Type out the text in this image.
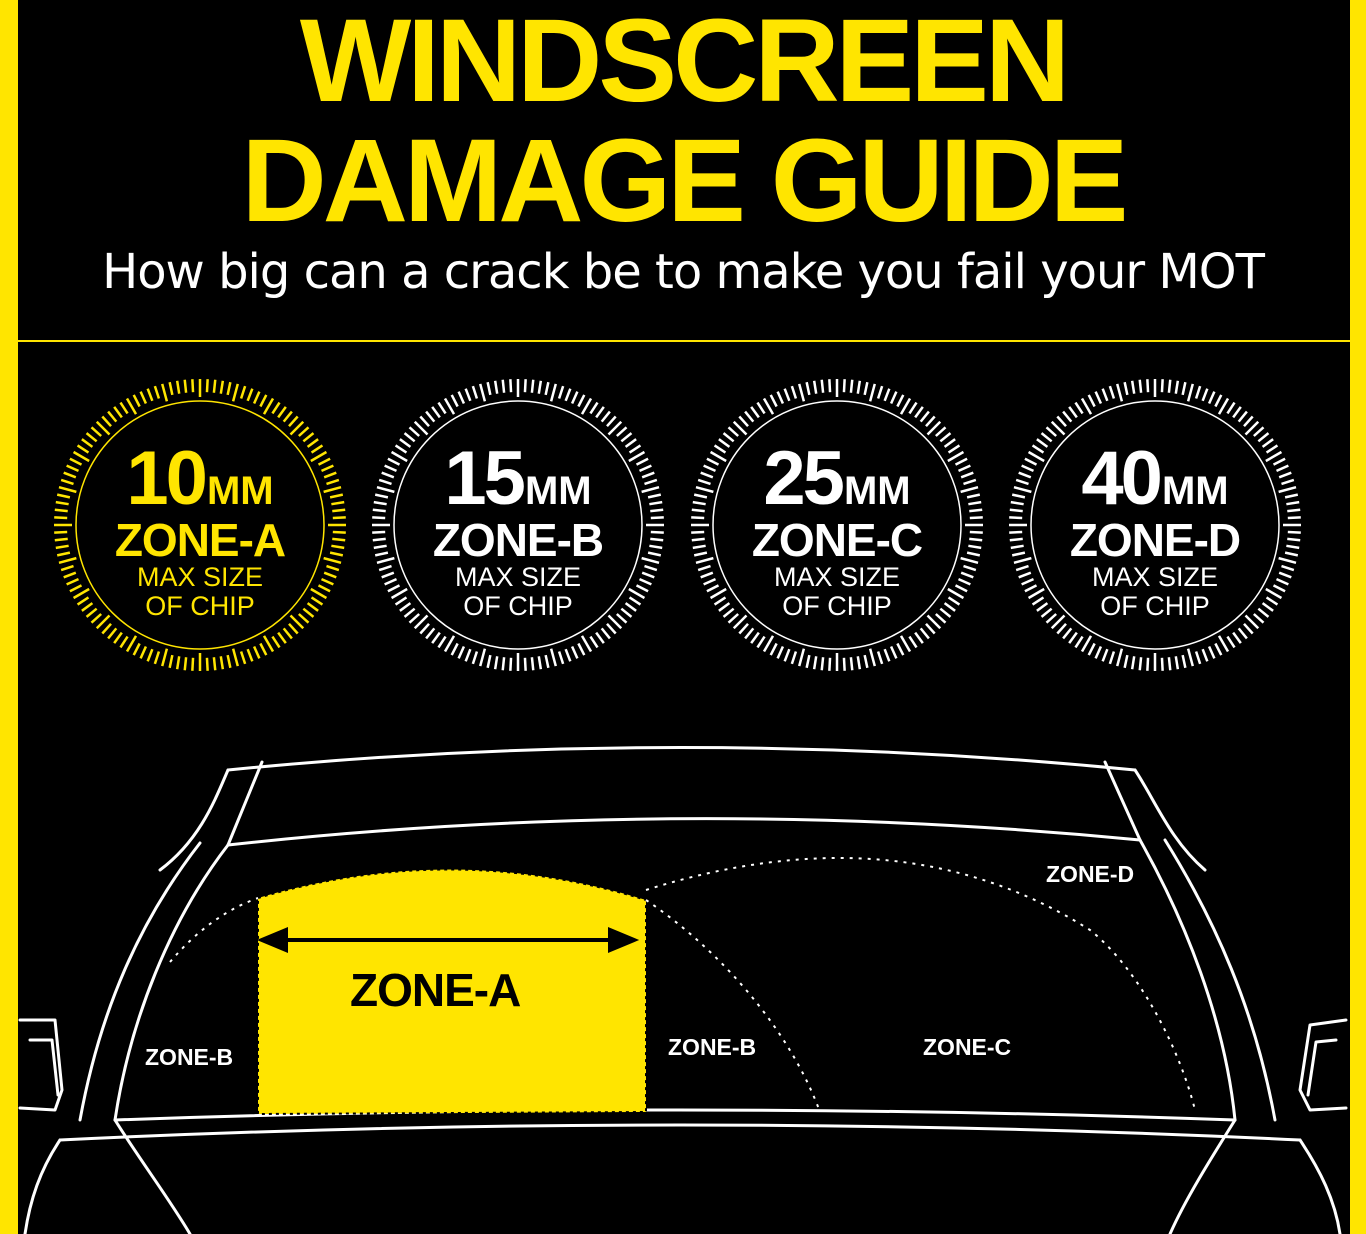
WINDSCREEN
DAMAGE GUIDE

How big can a crack be to make you fail your MOT

10MM

ZONE-A

MAX SIZE

OF CHIP

15MM

ZONE-B

MAX SIZE

OF CHIP

25MM

ZONE-C

MAX SIZE

OF CHIP

40MM

ZONE-D

MAX SIZE

OF CHIP

ZONE-A

ZONE-B	ZONE-B	ZONE-C

ZONE-D
